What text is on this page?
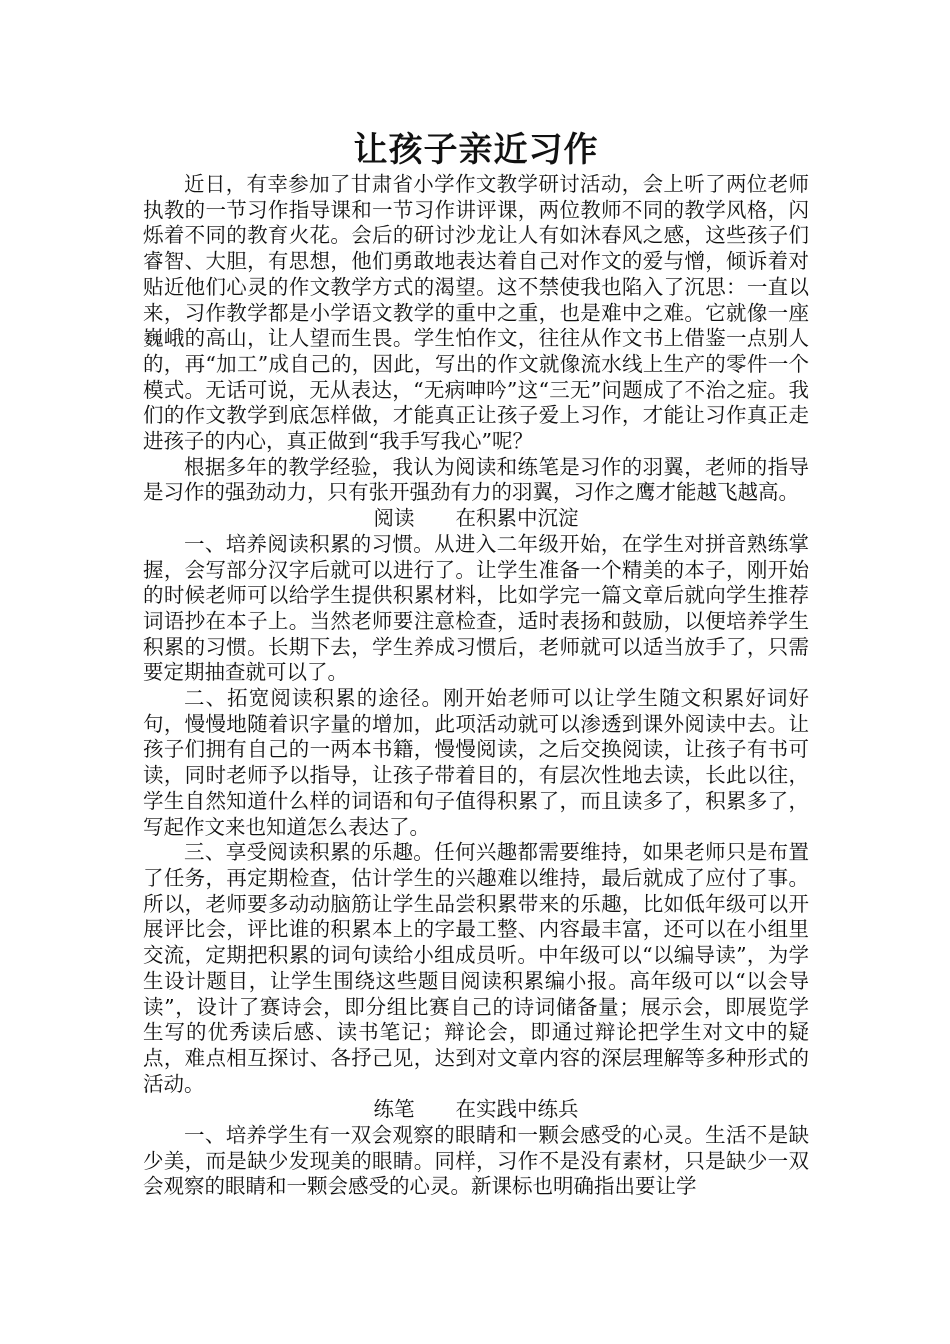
让孩子亲近习作

近日，有幸参加了甘肃省小学作文教学研讨活动，会上听了两位老师执教的一节习作指导课和一节习作讲评课，两位教师不同的教学风格，闪烁着不同的教育火花。会后的研讨沙龙让人有如沐春风之感，这些孩子们睿智、大胆，有思想，他们勇敢地表达着自己对作文的爱与憎，倾诉着对贴近他们心灵的作文教学方式的渴望。这不禁使我也陷入了沉思：一直以来，习作教学都是小学语文教学的重中之重，也是难中之难。它就像一座巍峨的高山，让人望而生畏。学生怕作文，往往从作文书上借鉴一点别人的，再“加工”成自己的，因此，写出的作文就像流水线上生产的零件一个模式。无话可说，无从表达，“无病呻吟”这“三无”问题成了不治之症。我们的作文教学到底怎样做，才能真正让孩子爱上习作，才能让习作真正走进孩子的内心，真正做到“我手写我心”呢？

根据多年的教学经验，我认为阅读和练笔是习作的羽翼，老师的指导是习作的强劲动力，只有张开强劲有力的羽翼，习作之鹰才能越飞越高。

阅读　　在积累中沉淀

一、培养阅读积累的习惯。从进入二年级开始，在学生对拼音熟练掌握，会写部分汉字后就可以进行了。让学生准备一个精美的本子，刚开始的时候老师可以给学生提供积累材料，比如学完一篇文章后就向学生推荐词语抄在本子上。当然老师要注意检查，适时表扬和鼓励，以便培养学生积累的习惯。长期下去，学生养成习惯后，老师就可以适当放手了，只需要定期抽查就可以了。

二、拓宽阅读积累的途径。刚开始老师可以让学生随文积累好词好句，慢慢地随着识字量的增加，此项活动就可以渗透到课外阅读中去。让孩子们拥有自己的一两本书籍，慢慢阅读，之后交换阅读，让孩子有书可读，同时老师予以指导，让孩子带着目的，有层次性地去读，长此以往，学生自然知道什么样的词语和句子值得积累了，而且读多了，积累多了，写起作文来也知道怎么表达了。

三、享受阅读积累的乐趣。任何兴趣都需要维持，如果老师只是布置了任务，再定期检查，估计学生的兴趣难以维持，最后就成了应付了事。所以，老师要多动动脑筋让学生品尝积累带来的乐趣，比如低年级可以开展评比会，评比谁的积累本上的字最工整、内容最丰富，还可以在小组里交流，定期把积累的词句读给小组成员听。中年级可以“以编导读”，为学生设计题目，让学生围绕这些题目阅读积累编小报。高年级可以“以会导读”，设计了赛诗会，即分组比赛自己的诗词储备量；展示会，即展览学生写的优秀读后感、读书笔记；辩论会，即通过辩论把学生对文中的疑点，难点相互探讨、各抒己见，达到对文章内容的深层理解等多种形式的活动。

练笔　　在实践中练兵

一、培养学生有一双会观察的眼睛和一颗会感受的心灵。生活不是缺少美，而是缺少发现美的眼睛。同样，习作不是没有素材，只是缺少一双会观察的眼睛和一颗会感受的心灵。新课标也明确指出要让学
